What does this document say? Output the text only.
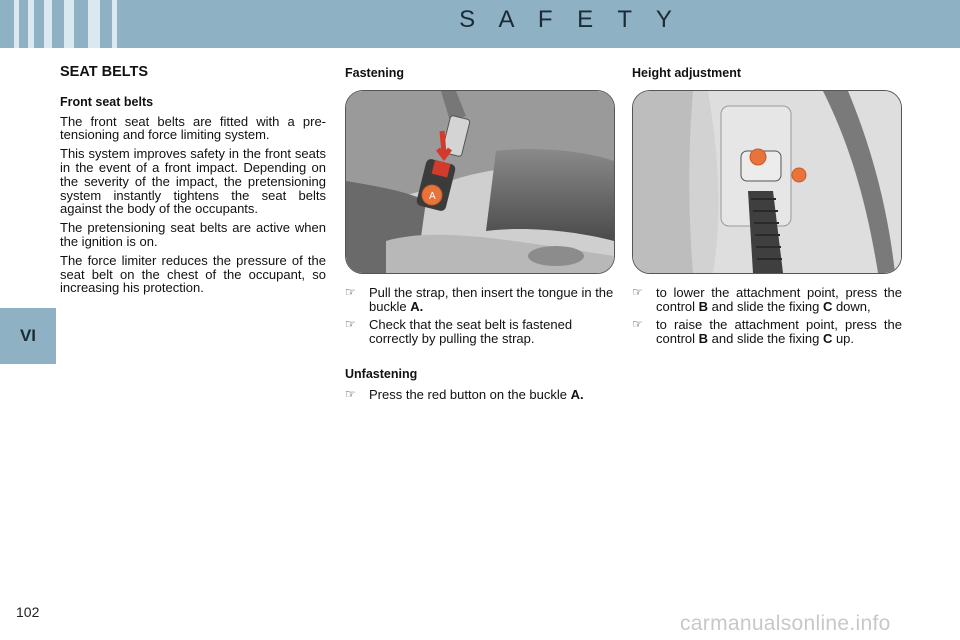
S A F E T Y
VI
SEAT BELTS
Front seat belts

The front seat belts are fitted with a pre-tensioning and force limiting system.

This system improves safety in the front seats in the event of a front impact. Depending on the severity of the impact, the pretensioning system instantly tightens the seat belts against the body of the occupants.

The pretensioning seat belts are active when the ignition is on.

The force limiter reduces the pressure of the seat belt on the chest of the occupant, so increasing his protection.

Fastening
A
☞ Pull the strap, then insert the tongue in the buckle A.
☞ Check that the seat belt is fastened correctly by pulling the strap.
Unfastening
☞ Press the red button on the buckle A.
Height adjustment
☞ to lower the attachment point, press the control B and slide the fixing C down,
☞ to raise the attachment point, press the control B and slide the fixing C up.
102	carmanualsonline.info
